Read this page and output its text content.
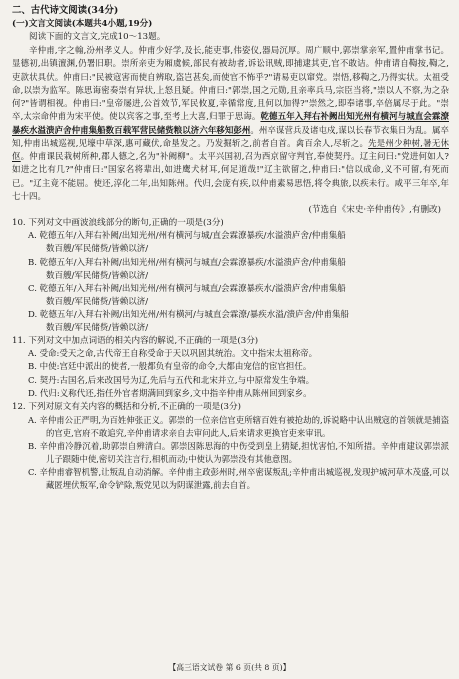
二、古代诗文阅读(34分)
(一)文言文阅读(本题共4小题,19分)
阅读下面的文言文,完成10～13题。
辛仲甫,字之翰,汾州孝义人。仲甫少好学,及长,能吏事,伟姿仪,器局沉厚。周广顺中,郭崇掌亲军,置仲甫掌书记。显德初,出镇澶渊,仍署旧职。崇所亲吏为厢虞候,部民有被劫者,诉讼讯贼,即捕逮其吏,官不敢诘。仲甫请自鞫按,鞫之,吏款状具伏。仲甫曰:"民被寇害而使自辨取,盗岂甚矣,而使官不怖乎?"请易吏以窜党。崇悟,移鞫之,乃得实状。太祖受命,以崇为监军。陈思诲密奏崇有异状,上怒且疑。仲甫曰:"郭崇,国之元勋,且亲率兵马,宗臣当将,"崇以人不察,为之杂何?"皆谓相视。仲甫曰:"皇帝屡进,公首效节,军民攸夏,幸循常度,且何以加得?"崇然之,即奉诸事,卒倍属尽于此。"崇卒,太宗命仲甫为宋平使。使以宾客之事,至考上大喜,归罪于思诲。乾德五年入拜右补阙出知光州有横河与城直会霖潦暴疾水溢溃庐舍仲甫集船数百载军营民储赀粮以济六年移知彭州。州卒谋营兵及诸屯戍,谋以长春节衣集日为乱。属卒知,仲甫出城巡视,见壕中草深,惠可藏伏,命垦发之。乃发掘斩之,前者自首。禽百余人,尽斩之。先是州少种树,暑无休伛。仲甫课民栽树所种,郡人德之,名为"补阙柳"。太平兴国初,召为西京留守判官,奉使契丹。辽主问曰:"党进何如人?如进之比有几?"仲甫曰:"国家名将辈出,如进鹰犬材耳,何足道哉!"辽主欲留之,仲甫曰:"信以成命,义不可留,有死而已。"辽主竟不能屈。使还,淳化二年,出知陈州。代归,会庞有疾,以仲甫素易思悟,将令典旅,以疾未行。咸平三年卒,年七十四。
(节选自《宋史·辛仲甫传》,有删改)
10. 下列对文中画波浪线部分的断句,正确的一项是(3分)
A. 乾德五年/入拜右补阙/出知光州/州有横河与城/直会霖潦暴疾/水溢溃庐舍/仲甫集船
数百艘/军民储赀/皆赖以济/
B. 乾德五年/入拜右补阙/出知光州/州有横河与城直/会霖潦暴疾/水溢溃庐舍/仲甫集船
数百艘/军民储赀/皆赖以济/
C. 乾德五年/入拜右补阙/出知光州/州有横河与城直/会霖潦暴疾水/溢溃庐舍/仲甫集船
数百艘/军民储赀/皆赖以济/
D. 乾德五年/入拜右补阙/出知光州/州有横河/与城直会霖潦/暴疾水溢/溃庐舍/仲甫集船
数百艘/军民储赀/皆赖以济/
11. 下列对文中加点词语的相关内容的解说,不正确的一项是(3分)
A. 受命:受天之命,古代帝王自称受命于天以巩固其统治。文中指宋太祖称帝。
B. 中使:宫廷中派出的使者,一般都负有皇帝的命令,大都由宠信的宦官担任。
C. 契丹:古国名,后来改国号为辽,先后与五代和北宋并立,与中原常发生争端。
D. 代归:义称代还,指任外官者期满回到家乡,文中指辛仲甫从陈州回到家乡。
12. 下列对原文有关内容的概括和分析,不正确的一项是(3分)
A. 辛仲甫公正严明,为百姓伸张正义。郭崇的一位亲信官吏所辖百姓有被抢劫的,诉说略中认出贼寇的首领就是捕盗的官吏,官府不敢追究,辛仲甫请求亲自去审问此人,后来请求更换官吏来审讯。
B. 辛仲甫冷静沉着,助郭崇自辨清白。郭崇因陈思海的中伤受到皇上猜疑,担忧害怕,不知所措。辛仲甫建议郭崇派儿子跟随中使,密切关注言行,相机而动;中使认为郭崇没有其他意图。
C. 辛仲甫睿智机警,让叛乱自动消解。辛仲甫主政彭州时,州卒密谋叛乱;辛仲甫出城巡视,发现护城河草木茂盛,可以藏匿埋伏叛军,命令铲除,叛党见以为阴谋泄露,前去自首。
【高三语文试卷 第 6 页(共 8 页)】
